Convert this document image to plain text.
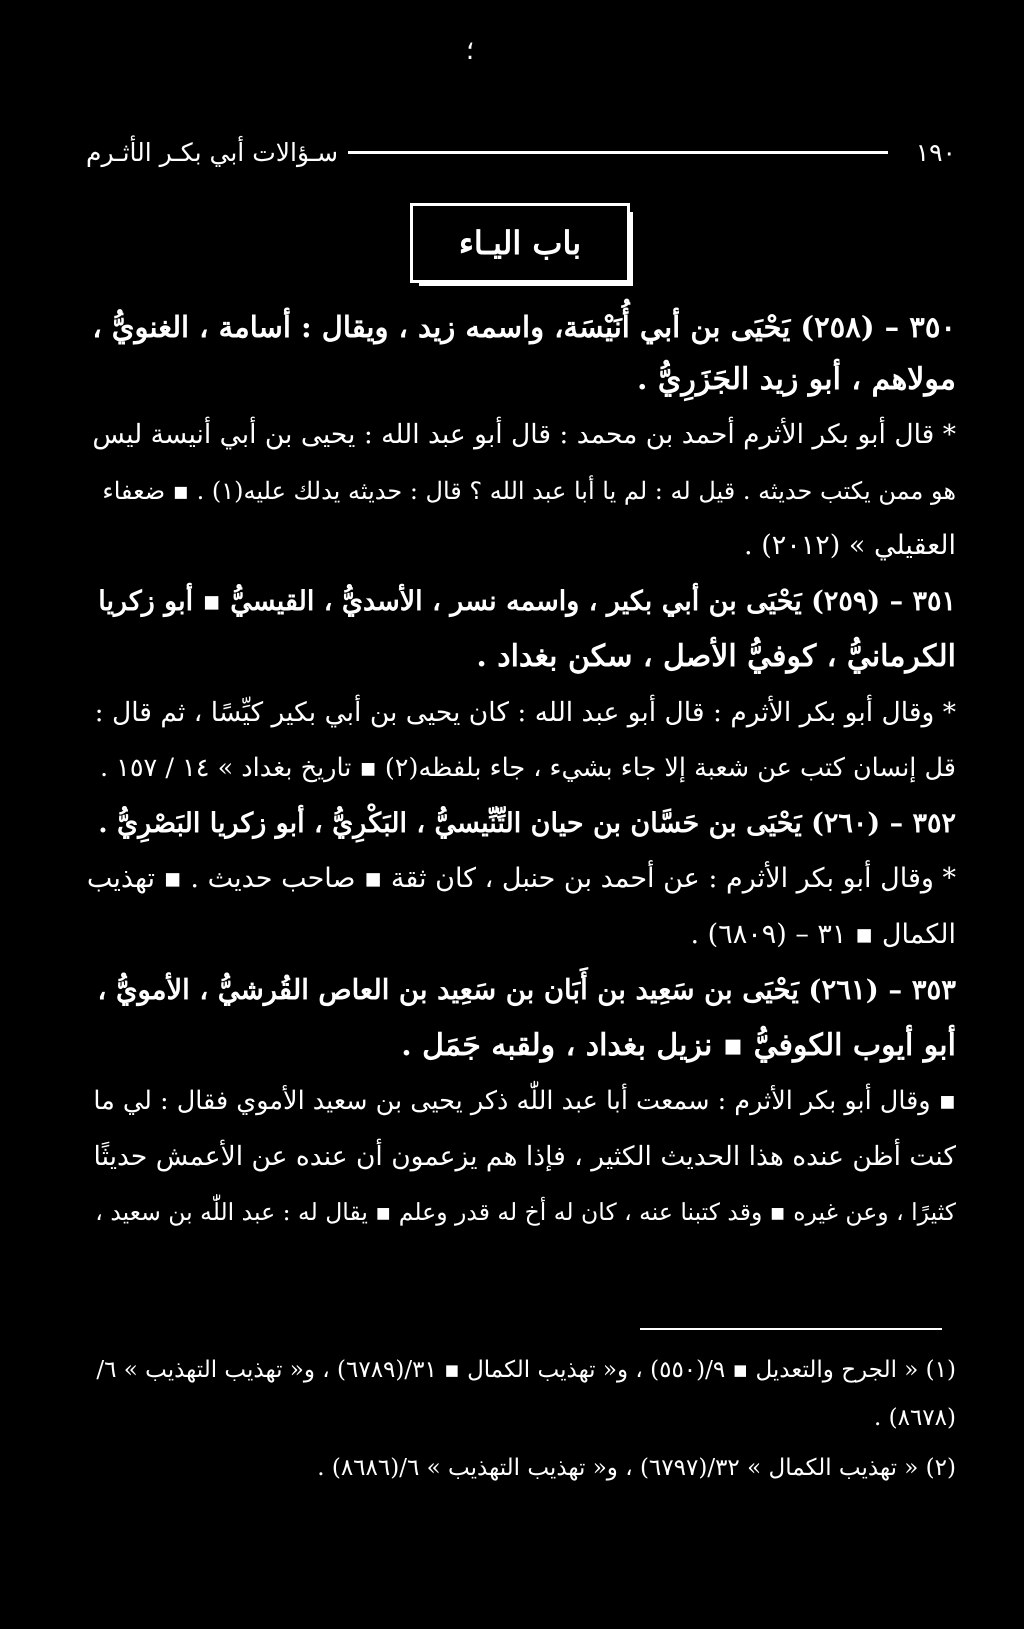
؛
١٩٠
سـؤالات أبي بكـر الأثـرم
باب اليـاء
٣٥٠ – (٢٥٨) يَحْيَى بن أبي أُنَيْسَة، واسمه زيد ، ويقال : أسامة ، الغنويُّ ،
مولاهم ، أبو زيد الجَزَرِيُّ .
* قال أبو بكر الأثرم أحمد بن محمد : قال أبو عبد الله : يحيى بن أبي أنيسة ليس
هو ممن يكتب حديثه . قيل له : لم يا أبا عبد الله ؟ قال : حديثه يدلك عليه(١) . ▪ ضعفاء
العقيلي » (٢٠١٢) .
٣٥١ – (٢٥٩) يَحْيَى بن أبي بكير ، واسمه نسر ، الأسديُّ ، القيسيُّ ▪ أبو زكريا
الكرمانيُّ ، كوفيُّ الأصل ، سكن بغداد .
* وقال أبو بكر الأثرم : قال أبو عبد الله : كان يحيى بن أبي بكير كيِّسًا ، ثم قال :
قل إنسان كتب عن شعبة إلا جاء بشيء ، جاء بلفظه(٢) ▪ تاريخ بغداد » ١٤ / ١٥٧ .
٣٥٢ – (٢٦٠) يَحْيَى بن حَسَّان بن حيان التِّنِّيسيُّ ، البَكْرِيُّ ، أبو زكريا البَصْرِيُّ .
* وقال أبو بكر الأثرم : عن أحمد بن حنبل ، كان ثقة ▪ صاحب حديث . ▪ تهذيب
الكمال ▪ ٣١ – (٦٨٠٩) .
٣٥٣ – (٢٦١) يَحْيَى بن سَعِيد بن أَبَان بن سَعِيد بن العاص القُرشيُّ ، الأمويُّ ،
أبو أيوب الكوفيُّ ▪ نزيل بغداد ، ولقبه جَمَل .
▪ وقال أبو بكر الأثرم : سمعت أبا عبد اللّٰه ذكر يحيى بن سعيد الأموي فقال : لي ما
كنت أظن عنده هذا الحديث الكثير ، فإذا هم يزعمون أن عنده عن الأعمش حديثًا
كثيرًا ، وعن غيره ▪ وقد كتبنا عنه ، كان له أخ له قدر وعلم ▪ يقال له : عبد اللّٰه بن سعيد ،
(١) « الجرح والتعديل ▪ ٩/(٥٥٠) ، و« تهذيب الكمال ▪ ٣١/(٦٧٨٩) ، و« تهذيب التهذيب » ٦/
(٨٦٧٨) .
(٢) « تهذيب الكمال » ٣٢/(٦٧٩٧) ، و« تهذيب التهذيب » ٦/(٨٦٨٦) .
